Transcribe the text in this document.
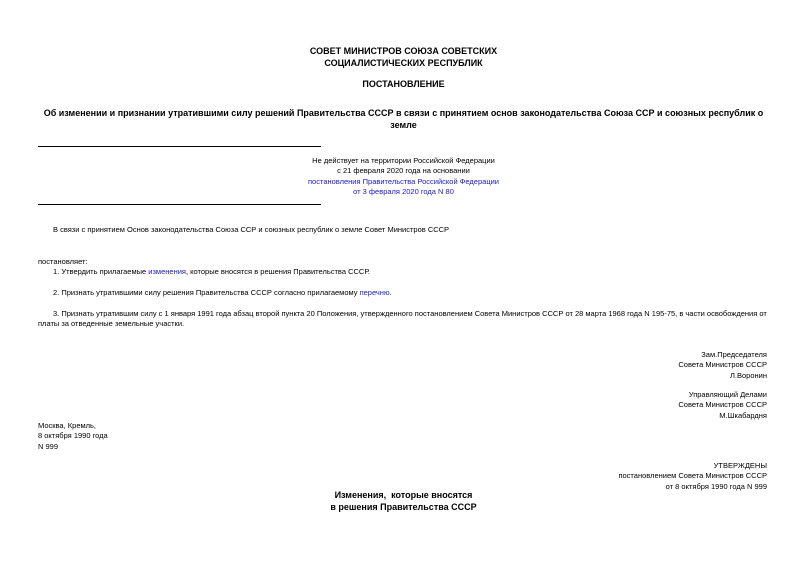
СОВЕТ МИНИСТРОВ СОЮЗА СОВЕТСКИХ

СОЦИАЛИСТИЧЕСКИХ РЕСПУБЛИК

ПОСТАНОВЛЕНИЕ
Об изменении и признании утратившими силу решений Правительства СССР в связи с принятием основ законодательства Союза ССР и союзных республик о земле

Не действует на территории Российской Федерации

с 21 февраля 2020 года на основании

постановления Правительства Российской Федерации

от 3 февраля 2020 года N 80

В связи с принятием Основ законодательства Союза ССР и союзных республик о земле Совет Министров СССР

постановляет:

1. Утвердить прилагаемые изменения, которые вносятся в решения Правительства СССР.

2. Признать утратившими силу решения Правительства СССР согласно прилагаемому перечню.

3. Признать утратившим силу с 1 января 1991 года абзац второй пункта 20 Положения, утвержденного постановлением Совета Министров СССР от 28 марта 1968 года N 195-75, в части освобождения от платы за отведенные земельные участки.

Зам.Председателя

Совета Министров СССР

Л.Воронин

Управляющий Делами

Совета Министров СССР

М.Шкабардня

Москва, Кремль,

8 октября 1990 года

N 999

УТВЕРЖДЕНЫ

постановлением Совета Министров СССР

от 8 октября 1990 года N 999

Изменения,  которые вносятся

в решения Правительства СССР
